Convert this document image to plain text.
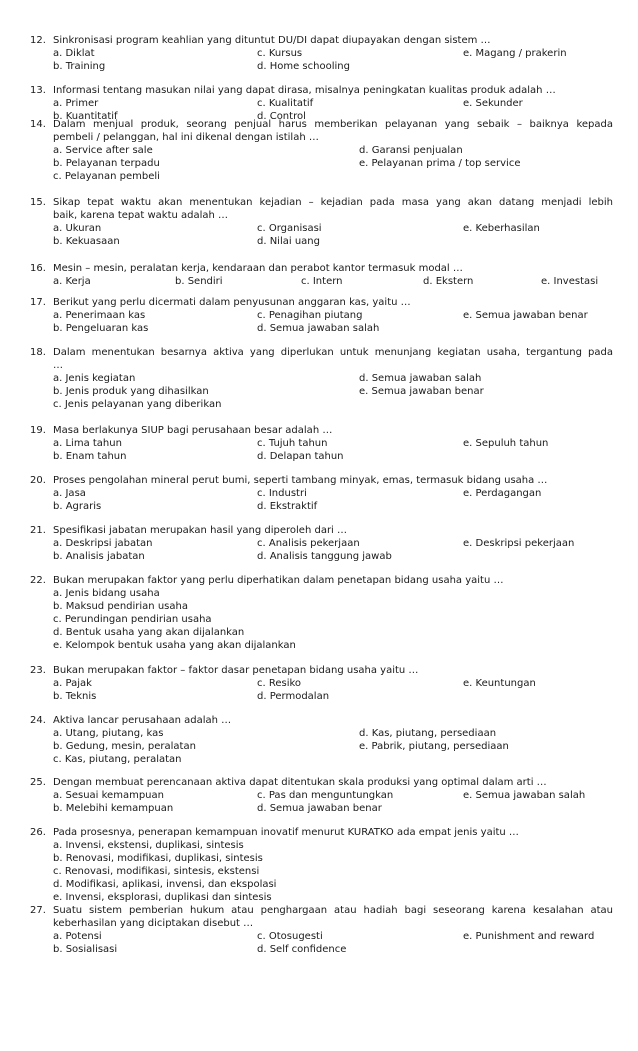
12. Sinkronisasi program keahlian yang dituntut DU/DI dapat diupayakan dengan sistem …
a. Diklat	c. Kursus	e. Magang / prakerin
b. Training	d. Home schooling
13. Informasi tentang masukan nilai yang dapat dirasa, misalnya peningkatan kualitas produk adalah …
a. Primer	c. Kualitatif	e. Sekunder
b. Kuantitatif	d. Control
14. Dalam menjual produk, seorang penjual harus memberikan pelayanan yang sebaik – baiknya kepada
pembeli / pelanggan, hal ini dikenal dengan istilah …
a. Service after sale	d. Garansi penjualan
b. Pelayanan terpadu	e. Pelayanan prima / top service
c. Pelayanan pembeli
15. Sikap tepat waktu akan menentukan kejadian – kejadian pada masa yang akan datang menjadi lebih
baik, karena tepat waktu adalah …
a. Ukuran	c. Organisasi	e. Keberhasilan
b. Kekuasaan	d. Nilai uang
16. Mesin – mesin, peralatan kerja, kendaraan dan perabot kantor termasuk modal …
a. Kerja	b. Sendiri	c. Intern	d. Ekstern	e. Investasi
17. Berikut yang perlu dicermati dalam penyusunan anggaran kas, yaitu …
a. Penerimaan kas	c. Penagihan piutang	e. Semua jawaban benar
b. Pengeluaran kas	d. Semua jawaban salah
18. Dalam menentukan besarnya aktiva yang diperlukan untuk menunjang kegiatan usaha, tergantung pada
…
a. Jenis kegiatan	d. Semua jawaban salah
b. Jenis produk yang dihasilkan	e. Semua jawaban benar
c. Jenis pelayanan yang diberikan
19. Masa berlakunya SIUP bagi perusahaan besar adalah …
a. Lima tahun	c. Tujuh tahun	e. Sepuluh tahun
b. Enam tahun	d. Delapan tahun
20. Proses pengolahan mineral perut bumi, seperti tambang minyak, emas, termasuk bidang usaha …
a. Jasa	c. Industri	e. Perdagangan
b. Agraris	d. Ekstraktif
21. Spesifikasi jabatan merupakan hasil yang diperoleh dari …
a. Deskripsi jabatan	c. Analisis pekerjaan	e. Deskripsi pekerjaan
b. Analisis jabatan	d. Analisis tanggung jawab
22. Bukan merupakan faktor yang perlu diperhatikan dalam penetapan bidang usaha yaitu …
a. Jenis bidang usaha
b. Maksud pendirian usaha
c. Perundingan pendirian usaha
d. Bentuk usaha yang akan dijalankan
e. Kelompok bentuk usaha yang akan dijalankan
23. Bukan merupakan faktor – faktor dasar penetapan bidang usaha yaitu …
a. Pajak	c. Resiko	e. Keuntungan
b. Teknis	d. Permodalan
24. Aktiva lancar perusahaan adalah …
a. Utang, piutang, kas	d. Kas, piutang, persediaan
b. Gedung, mesin, peralatan	e. Pabrik, piutang, persediaan
c. Kas, piutang, peralatan
25. Dengan membuat perencanaan aktiva dapat ditentukan skala produksi yang optimal dalam arti …
a. Sesuai kemampuan	c. Pas dan menguntungkan	e. Semua jawaban salah
b. Melebihi kemampuan	d. Semua jawaban benar
26. Pada prosesnya, penerapan kemampuan inovatif menurut KURATKO ada empat jenis yaitu …
a. Invensi, ekstensi, duplikasi, sintesis
b. Renovasi, modifikasi, duplikasi, sintesis
c. Renovasi, modifikasi, sintesis, ekstensi
d. Modifikasi, aplikasi, invensi, dan ekspolasi
e. Invensi, eksplorasi, duplikasi dan sintesis
27. Suatu sistem pemberian hukum atau penghargaan atau hadiah bagi seseorang karena kesalahan atau
keberhasilan yang diciptakan disebut …
a. Potensi	c. Otosugesti	e. Punishment and reward
b. Sosialisasi	d. Self confidence
